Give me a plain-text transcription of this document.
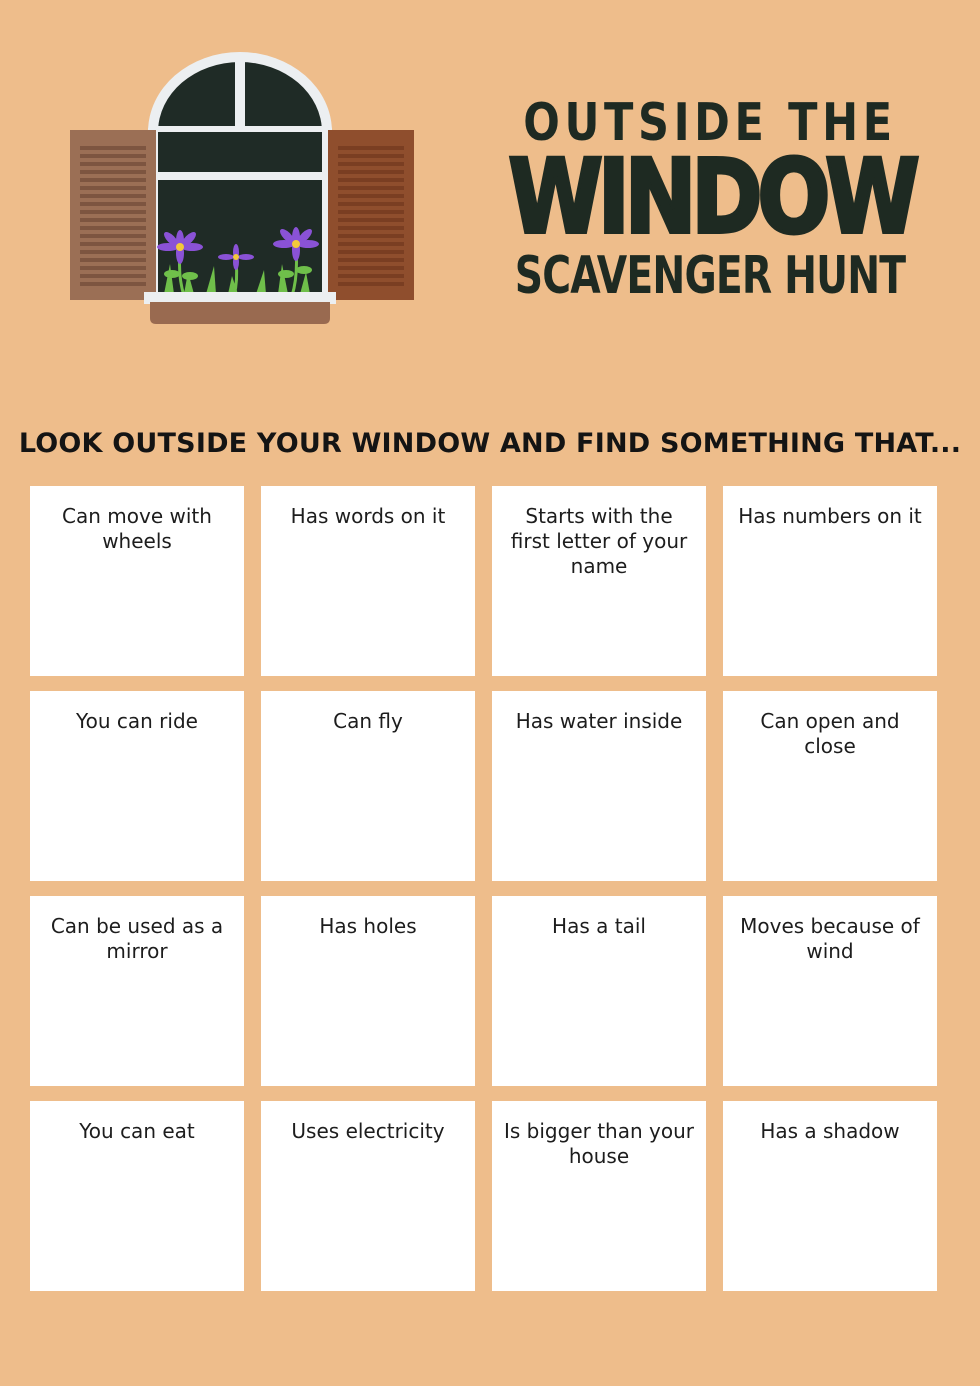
OUTSIDE THE
WINDOW
SCAVENGER HUNT
LOOK OUTSIDE YOUR WINDOW AND FIND SOMETHING THAT...
Can move with wheels
Has words on it	Starts with the first letter of your name
Has numbers on it
You can ride	Can fly	Has water inside	Can open and close
Can be used as a mirror
Has holes	Has a tail	Moves because of wind
You can eat	Uses electricity	Is bigger than your house
Has a shadow
